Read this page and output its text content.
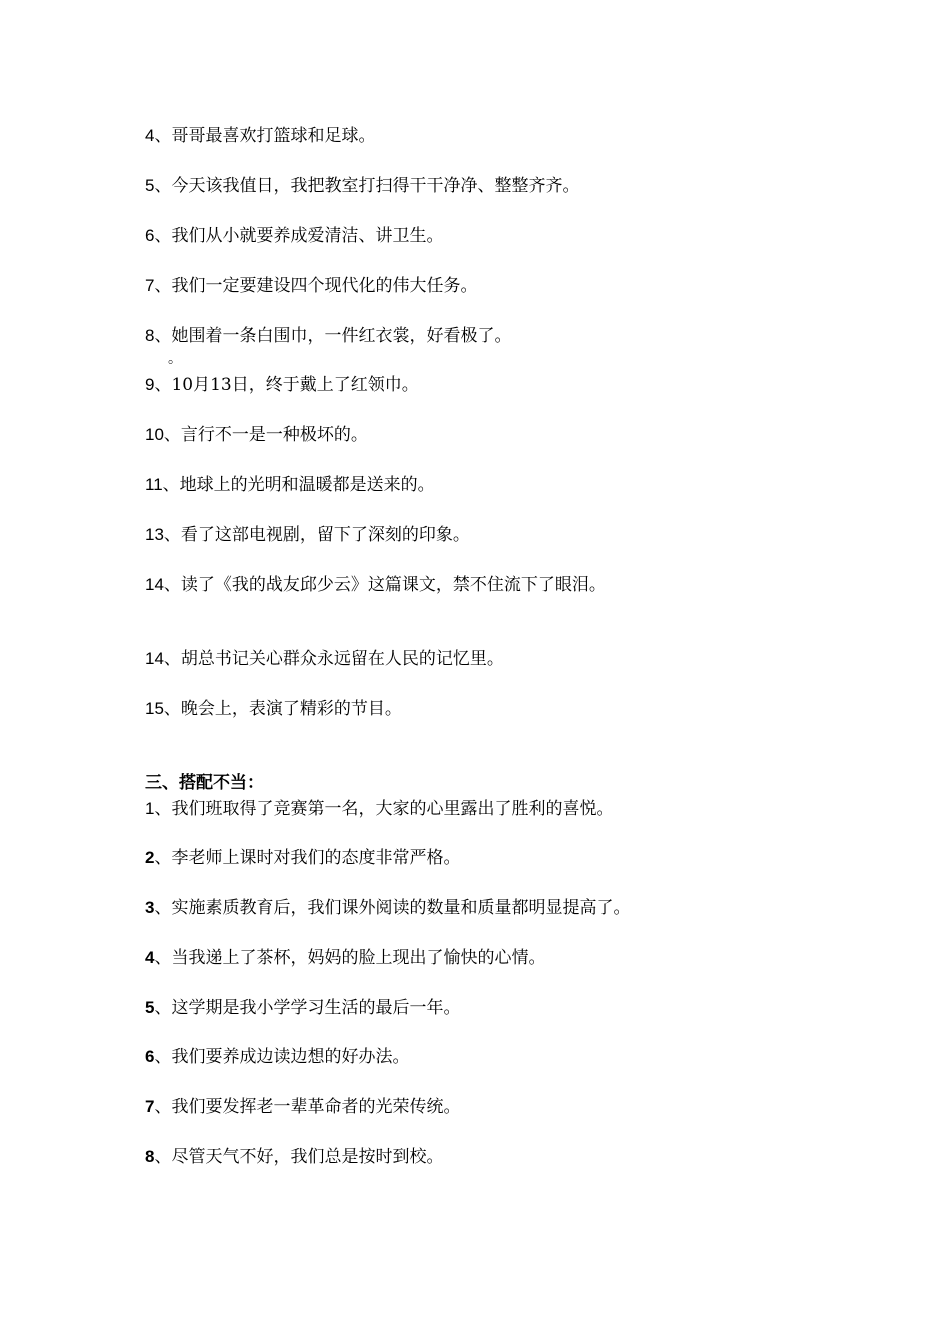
4、哥哥最喜欢打篮球和足球。
5、今天该我值日，我把教室打扫得干干净净、整整齐齐。
6、我们从小就要养成爱清洁、讲卫生。
7、我们一定要建设四个现代化的伟大任务。
8、她围着一条白围巾，一件红衣裳，好看极了。
。
9、10月13日，终于戴上了红领巾。
10、言行不一是一种极坏的。
11、地球上的光明和温暖都是送来的。
13、看了这部电视剧，留下了深刻的印象。
14、读了《我的战友邱少云》这篇课文，禁不住流下了眼泪。
14、胡总书记关心群众永远留在人民的记忆里。
15、晚会上，表演了精彩的节目。
三、搭配不当：
1、我们班取得了竞赛第一名，大家的心里露出了胜利的喜悦。
2、李老师上课时对我们的态度非常严格。
3、实施素质教育后，我们课外阅读的数量和质量都明显提高了。
4、当我递上了茶杯，妈妈的脸上现出了愉快的心情。
5、这学期是我小学学习生活的最后一年。
6、我们要养成边读边想的好办法。
7、我们要发挥老一辈革命者的光荣传统。
8、尽管天气不好，我们总是按时到校。
